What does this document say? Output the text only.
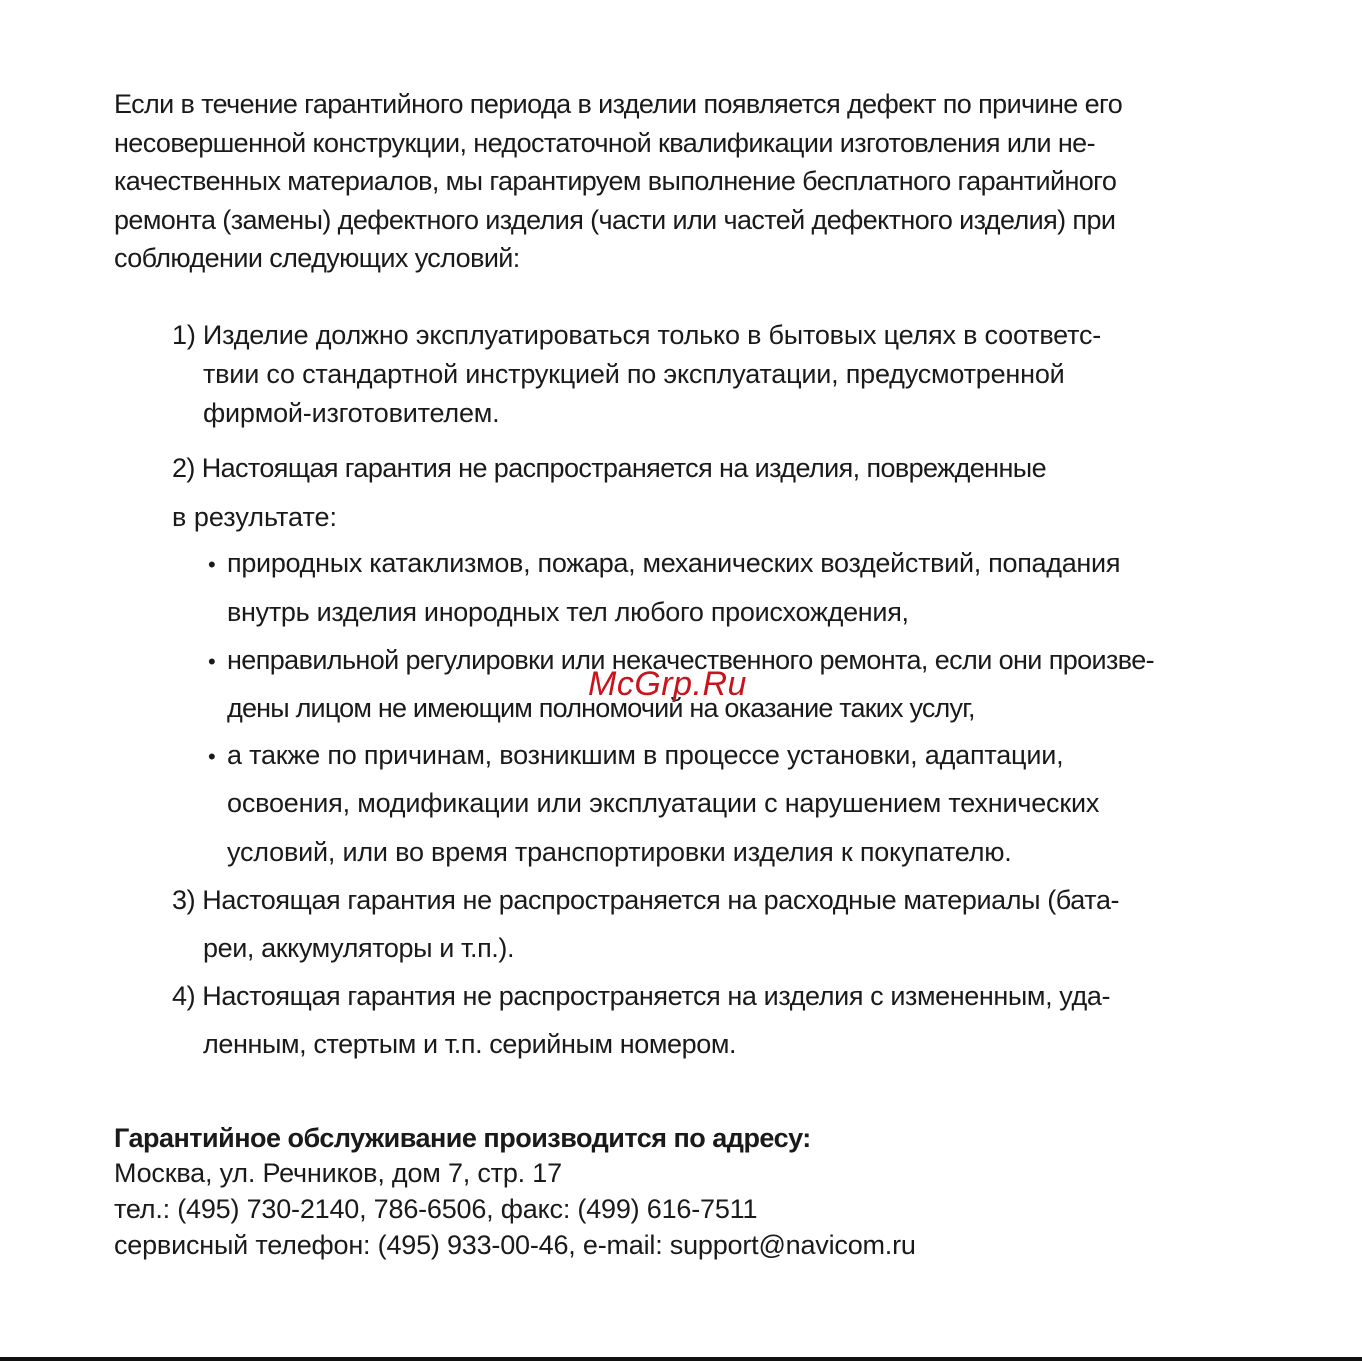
Если в течение гарантийного периода в изделии появляется дефект по причине его
несовершенной конструкции, недостаточной квалификации изготовления или не-
качественных материалов, мы гарантируем выполнение бесплатного гарантийного
ремонта (замены) дефектного изделия (части или частей дефектного изделия) при
соблюдении следующих условий:
1) Изделие должно эксплуатироваться только в бытовых целях в соответс-
твии со стандартной инструкцией по эксплуатации, предусмотренной
фирмой-изготовителем.
2) Настоящая гарантия не распространяется на изделия, поврежденные
в результате:
• природных катаклизмов, пожара, механических воздействий, попадания
внутрь изделия инородных тел любого происхождения,
• неправильной регулировки или некачественного ремонта, если они произве-
дены лицом не имеющим полномочий на оказание таких услуг,
• а также по причинам, возникшим в процессе установки, адаптации,
освоения, модификации или эксплуатации с нарушением технических
условий, или во время транспортировки изделия к покупателю.
3) Настоящая гарантия не распространяется на расходные материалы (бата-
реи, аккумуляторы и т.п.).
4) Настоящая гарантия не распространяется на изделия с измененным, уда-
ленным, стертым и т.п. серийным номером.
McGrp.Ru
Гарантийное обслуживание производится по адресу:
Москва, ул. Речников, дом 7, стр. 17
тел.: (495) 730-2140, 786-6506, факс: (499) 616-7511
сервисный телефон: (495) 933-00-46, e-mail: support@navicom.ru
